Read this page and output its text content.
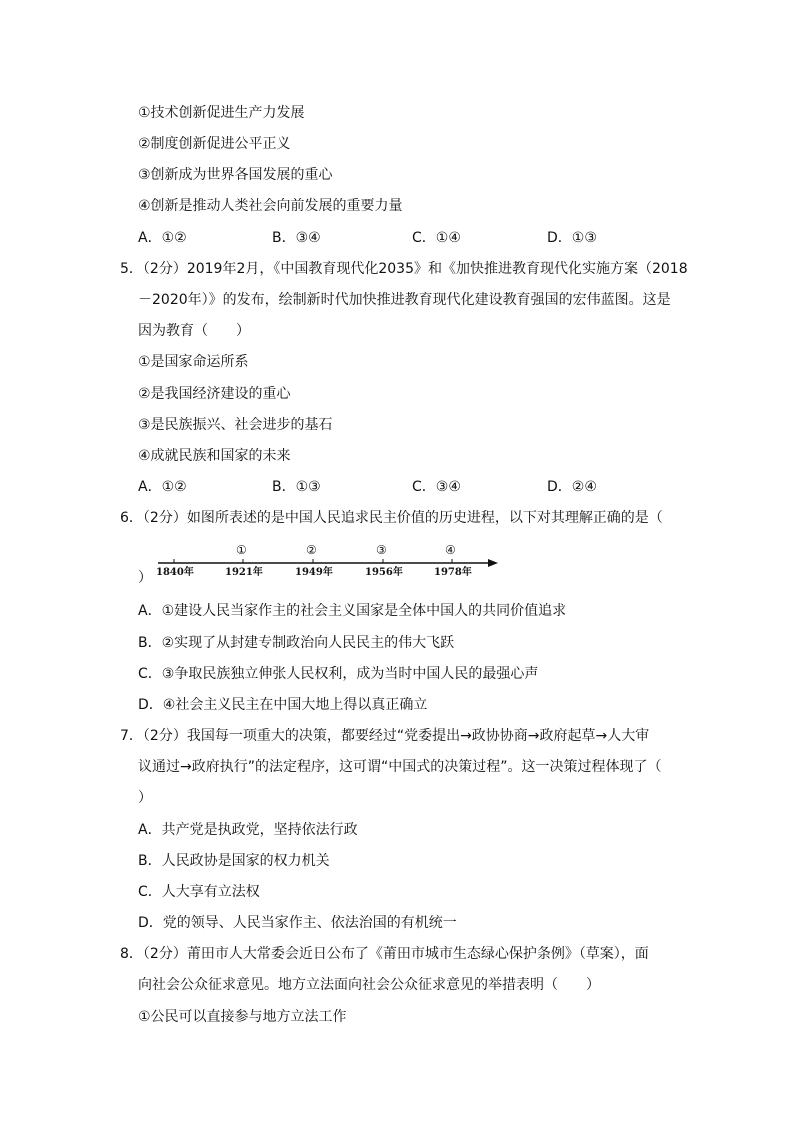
①技术创新促进生产力发展
②制度创新促进公平正义
③创新成为世界各国发展的重心
④创新是推动人类社会向前发展的重要力量
A．①②	B．③④	C．①④	D．①③
5．（2分）2019年2月，《中国教育现代化2035》和《加快推进教育现代化实施方案（2018
－2020年）》的发布，绘制新时代加快推进教育现代化建设教育强国的宏伟蓝图。这是
因为教育（　　）
①是国家命运所系
②是我国经济建设的重心
③是民族振兴、社会进步的基石
④成就民族和国家的未来
A．①②	B．①③	C．③④	D．②④
6．（2分）如图所表述的是中国人民追求民主价值的历史进程，以下对其理解正确的是（
①	②	③	④
1840年	1921年	1949年	1956年	1978年
）
A．①建设人民当家作主的社会主义国家是全体中国人的共同价值追求
B．②实现了从封建专制政治向人民民主的伟大飞跃
C．③争取民族独立伸张人民权利，成为当时中国人民的最强心声
D．④社会主义民主在中国大地上得以真正确立
7．（2分）我国每一项重大的决策，都要经过“党委提出→政协协商→政府起草→人大审
议通过→政府执行”的法定程序，这可谓“中国式的决策过程”。这一决策过程体现了（
）
A．共产党是执政党，坚持依法行政
B．人民政协是国家的权力机关
C．人大享有立法权
D．党的领导、人民当家作主、依法治国的有机统一
8．（2分）莆田市人大常委会近日公布了《莆田市城市生态绿心保护条例》（草案），面
向社会公众征求意见。地方立法面向社会公众征求意见的举措表明（　　）
①公民可以直接参与地方立法工作
